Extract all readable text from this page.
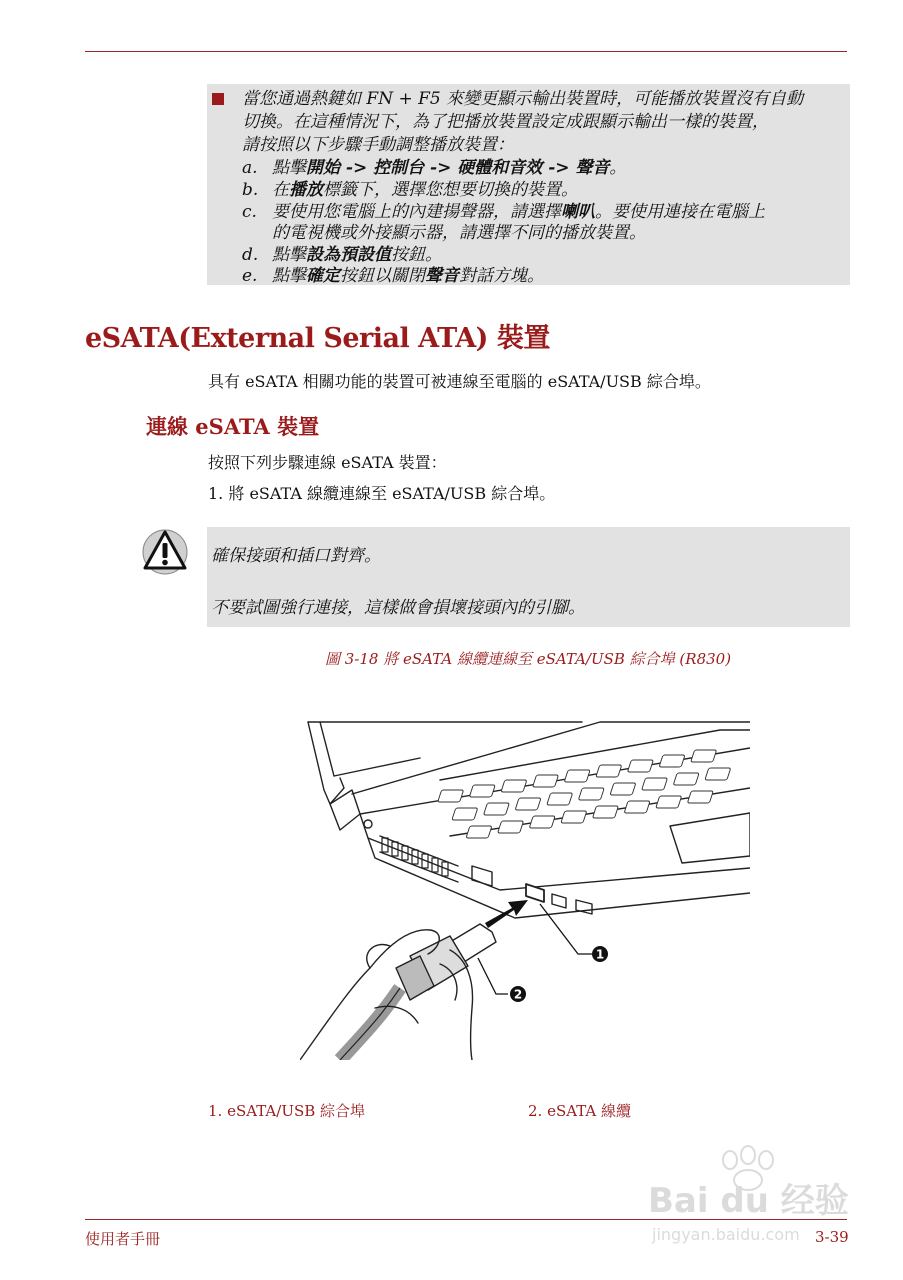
當您通過熱鍵如 FN + F5 來變更顯示輸出裝置時，可能播放裝置沒有自動

切換。在這種情況下，為了把播放裝置設定成跟顯示輸出一樣的裝置，

請按照以下步驟手動調整播放裝置：

a. 點擊開始 -> 控制台 -> 硬體和音效 -> 聲音。
b. 在播放標籤下，選擇您想要切換的裝置。
c. 要使用您電腦上的內建揚聲器，請選擇喇叭。要使用連接在電腦上
的電視機或外接顯示器，請選擇不同的播放裝置。
d. 點擊設為預設值按鈕。
e. 點擊確定按鈕以關閉聲音對話方塊。
eSATA(External Serial ATA) 裝置
具有 eSATA 相關功能的裝置可被連線至電腦的 eSATA/USB 綜合埠。
連線 eSATA 裝置
按照下列步驟連線 eSATA 裝置：
1. 將 eSATA 線纜連線至 eSATA/USB 綜合埠。
確保接頭和插口對齊。
不要試圖強行連接，這樣做會損壞接頭內的引腳。
圖 3-18 將 eSATA 線纜連線至 eSATA/USB 綜合埠 (R830)
1
2
1. eSATA/USB 綜合埠	2. eSATA 線纜
Bai du 经验
jingyan.baidu.com
使用者手冊	3-39
